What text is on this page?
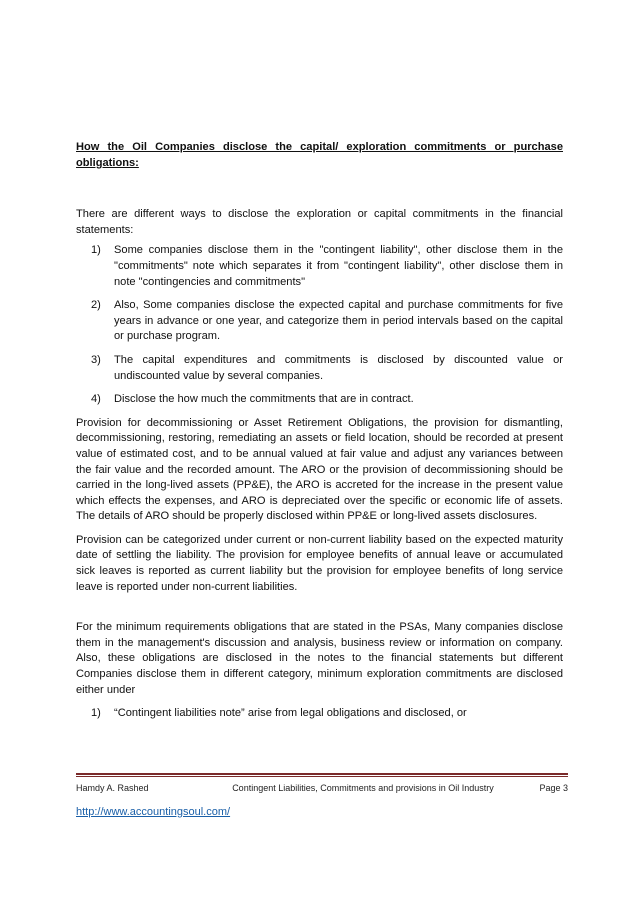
How the Oil Companies disclose the capital/ exploration commitments or purchase obligations:

There are different ways to disclose the exploration or capital commitments in the financial statements:

1) Some companies disclose them in the "contingent liability", other disclose them in the "commitments" note which separates it from "contingent liability", other disclose them in note "contingencies and commitments"
2) Also, Some companies disclose the expected capital and purchase commitments for five years in advance or one year, and categorize them in period intervals based on the capital or purchase program.
3) The capital expenditures and commitments is disclosed by discounted value or undiscounted value by several companies.
4) Disclose the how much the commitments that are in contract.

Provision for decommissioning or Asset Retirement Obligations, the provision for dismantling, decommissioning, restoring, remediating an assets or field location, should be recorded at present value of estimated cost, and to be annual valued at fair value and adjust any variances between the fair value and the recorded amount. The ARO or the provision of decommissioning should be carried in the long-lived assets (PP&E), the ARO is accreted for the increase in the present value which effects the expenses, and ARO is depreciated over the specific or economic life of assets. The details of ARO should be properly disclosed within PP&E or long-lived assets disclosures.

Provision can be categorized under current or non-current liability based on the expected maturity date of settling the liability. The provision for employee benefits of annual leave or accumulated sick leaves is reported as current liability but the provision for employee benefits of long service leave is reported under non-current liabilities.

For the minimum requirements obligations that are stated in the PSAs, Many companies disclose them in the management's discussion and analysis, business review or information on company. Also, these obligations are disclosed in the notes to the financial statements but different Companies disclose them in different category, minimum exploration commitments are disclosed either under

1) “Contingent liabilities note” arise from legal obligations and disclosed, or
Hamdy A. Rashed	Contingent Liabilities, Commitments and provisions in Oil Industry	Page 3
http://www.accountingsoul.com/
